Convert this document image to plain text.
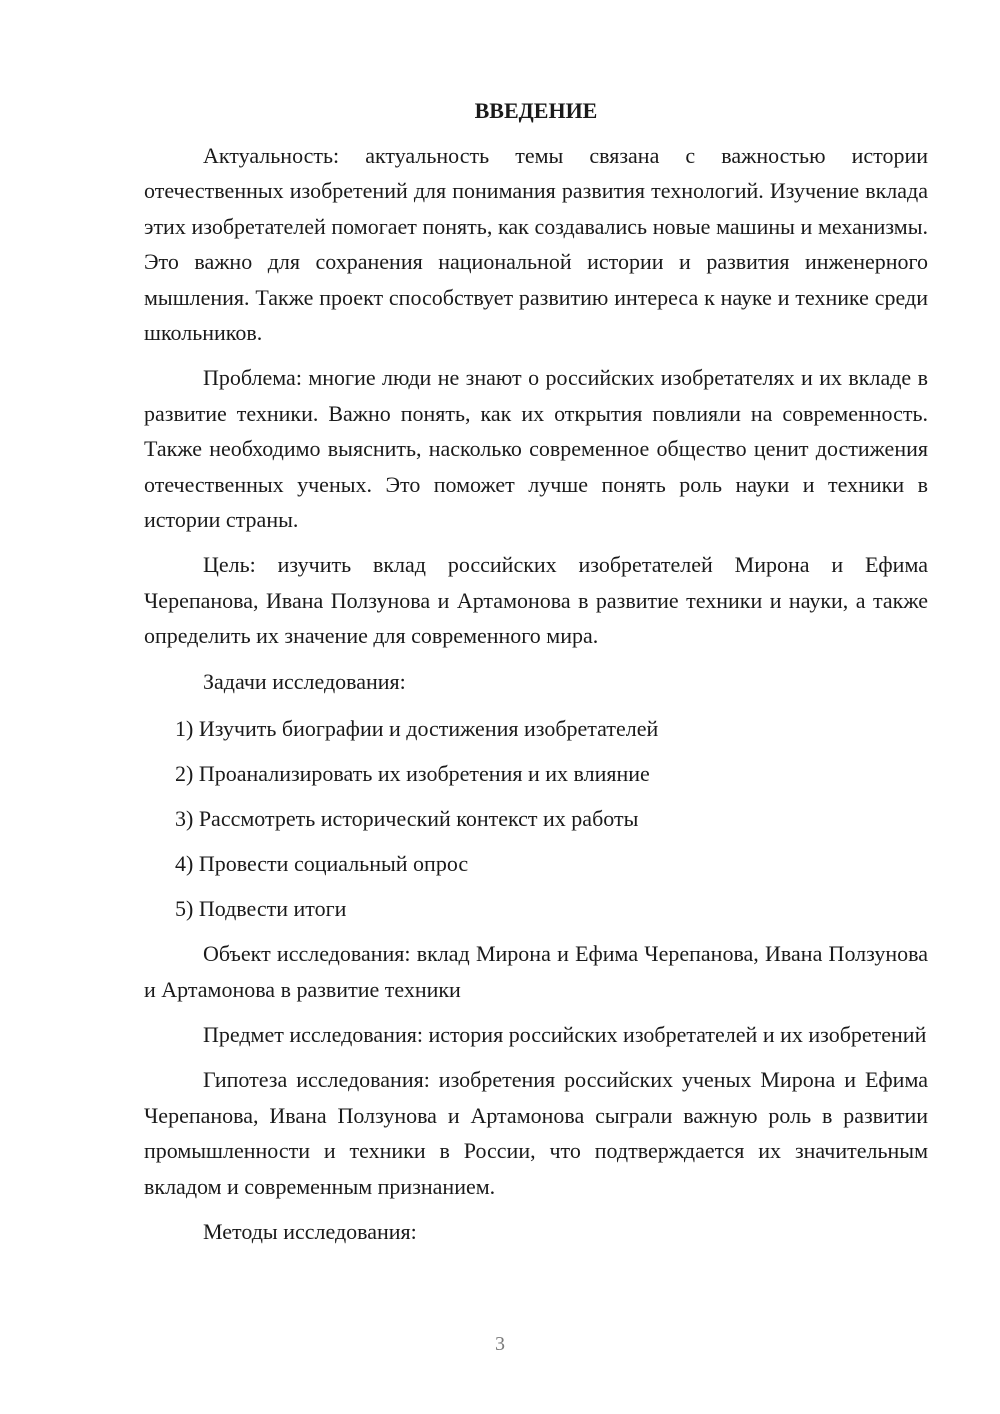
ВВЕДЕНИЕ

Актуальность: актуальность темы связана с важностью истории отечественных изобретений для понимания развития технологий. Изучение вклада этих изобретателей помогает понять, как создавались новые машины и механизмы. Это важно для сохранения национальной истории и развития инженерного мышления. Также проект способствует развитию интереса к науке и технике среди школьников.

Проблема: многие люди не знают о российских изобретателях и их вкладе в развитие техники. Важно понять, как их открытия повлияли на современность. Также необходимо выяснить, насколько современное общество ценит достижения отечественных ученых. Это поможет лучше понять роль науки и техники в истории страны.

Цель: изучить вклад российских изобретателей Мирона и Ефима Черепанова, Ивана Ползунова и Артамонова в развитие техники и науки, а также определить их значение для современного мира.

Задачи исследования:

1) Изучить биографии и достижения изобретателей
2) Проанализировать их изобретения и их влияние
3) Рассмотреть исторический контекст их работы
4) Провести социальный опрос
5) Подвести итоги

Объект исследования: вклад Мирона и Ефима Черепанова, Ивана Ползунова и Артамонова в развитие техники

Предмет исследования: история российских изобретателей и их изобретений

Гипотеза исследования: изобретения российских ученых Мирона и Ефима Черепанова, Ивана Ползунова и Артамонова сыграли важную роль в развитии промышленности и техники в России, что подтверждается их значительным вкладом и современным признанием.

Методы исследования:

3
